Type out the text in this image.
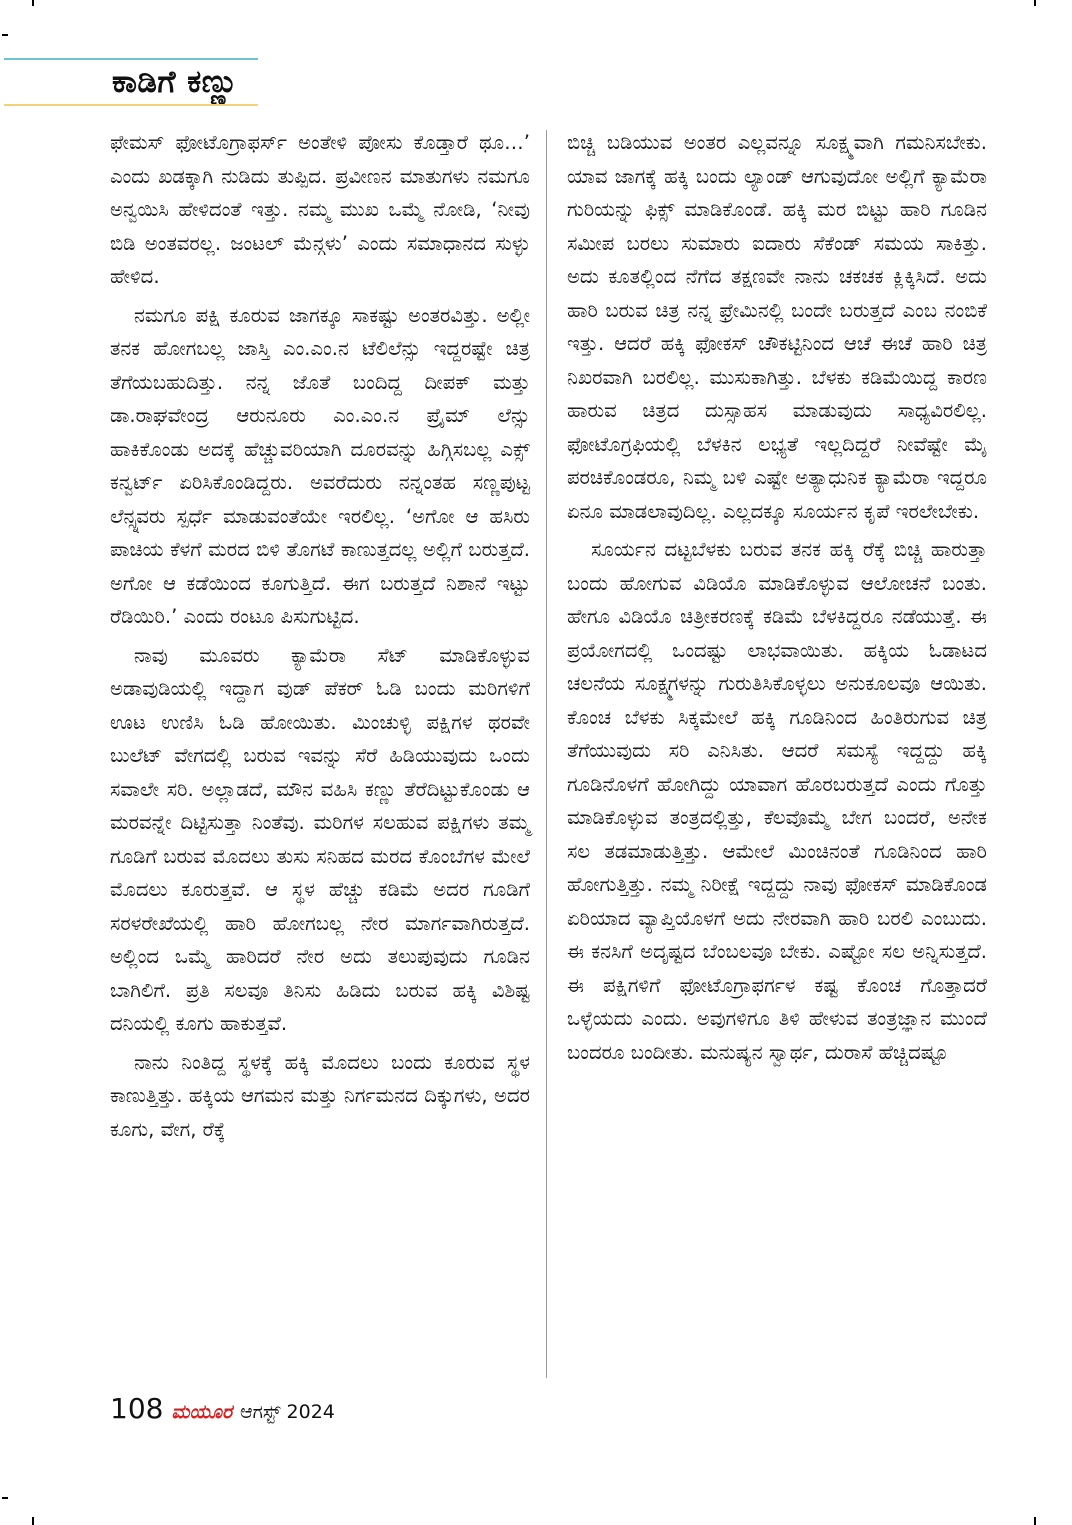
ಕಾಡಿಗೆ ಕಣ್ಣು

ಫೇಮಸ್ ಫೋಟೊಗ್ರಾಫರ್ಸ್ ಅಂತೇಳಿ ಪೋಸು ಕೊಡ್ತಾರೆ ಥೂ…’ ಎಂದು ಖಡಕ್ಕಾಗಿ ನುಡಿದು ತುಪ್ಪಿದ. ಪ್ರವೀಣನ ಮಾತುಗಳು ನಮಗೂ ಅನ್ವಯಿಸಿ ಹೇಳಿದಂತೆ ಇತ್ತು. ನಮ್ಮ ಮುಖ ಒಮ್ಮೆ ನೋಡಿ, ‘ನೀವು ಬಿಡಿ ಅಂತವರಲ್ಲ. ಜಂಟಲ್ ಮೆನ್ಗಳು’ ಎಂದು ಸಮಾಧಾನದ ಸುಳ್ಳು ಹೇಳಿದ.

ನಮಗೂ ಪಕ್ಷಿ ಕೂರುವ ಜಾಗಕ್ಕೂ ಸಾಕಷ್ಟು ಅಂತರವಿತ್ತು. ಅಲ್ಲೀ ತನಕ ಹೋಗಬಲ್ಲ ಜಾಸ್ತಿ ಎಂ.ಎಂ.ನ ಟೆಲಿಲೆನ್ಸು ಇದ್ದರಷ್ಟೇ ಚಿತ್ರ ತೆಗೆಯಬಹುದಿತ್ತು. ನನ್ನ ಜೊತೆ ಬಂದಿದ್ದ ದೀಪಕ್ ಮತ್ತು ಡಾ.ರಾಘವೇಂದ್ರ ಆರುನೂರು ಎಂ.ಎಂ.ನ ಪ್ರೈಮ್ ಲೆನ್ಸು ಹಾಕಿಕೊಂಡು ಅದಕ್ಕೆ ಹೆಚ್ಚುವರಿಯಾಗಿ ದೂರವನ್ನು ಹಿಗ್ಗಿಸಬಲ್ಲ ಎಕ್ಸ್ ಕನ್ವರ್ಟ್ ಏರಿಸಿಕೊಂಡಿದ್ದರು. ಅವರೆದುರು ನನ್ನಂತಹ ಸಣ್ಣಪುಟ್ಟ ಲೆನ್ಸ್ನವರು ಸ್ಪರ್ಧೆ ಮಾಡುವಂತೆಯೇ ಇರಲಿಲ್ಲ. ‘ಅಗೋ ಆ ಹಸಿರು ಪಾಚಿಯ ಕೆಳಗೆ ಮರದ ಬಿಳಿ ತೊಗಟೆ ಕಾಣುತ್ತದಲ್ಲ ಅಲ್ಲಿಗೆ ಬರುತ್ತದೆ. ಅಗೋ ಆ ಕಡೆಯಿಂದ ಕೂಗುತ್ತಿದೆ. ಈಗ ಬರುತ್ತದೆ ನಿಶಾನೆ ಇಟ್ಟು ರೆಡಿಯಿರಿ.’ ಎಂದು ರಂಟೂ ಪಿಸುಗುಟ್ಟಿದ.

ನಾವು ಮೂವರು ಕ್ಯಾಮೆರಾ ಸೆಟ್ ಮಾಡಿಕೊಳ್ಳುವ ಅಡಾವುಡಿಯಲ್ಲಿ ಇದ್ದಾಗ ವುಡ್ ಪೆಕರ್ ಓಡಿ ಬಂದು ಮರಿಗಳಿಗೆ ಊಟ ಉಣಿಸಿ ಓಡಿ ಹೋಯಿತು. ಮಿಂಚುಳ್ಳಿ ಪಕ್ಷಿಗಳ ಥರವೇ ಬುಲೆಟ್ ವೇಗದಲ್ಲಿ ಬರುವ ಇವನ್ನು ಸೆರೆ ಹಿಡಿಯುವುದು ಒಂದು ಸವಾಲೇ ಸರಿ. ಅಲ್ಲಾಡದೆ, ಮೌನ ವಹಿಸಿ ಕಣ್ಣು ತೆರೆದಿಟ್ಟುಕೊಂಡು ಆ ಮರವನ್ನೇ ದಿಟ್ಟಿಸುತ್ತಾ ನಿಂತೆವು. ಮರಿಗಳ ಸಲಹುವ ಪಕ್ಷಿಗಳು ತಮ್ಮ ಗೂಡಿಗೆ ಬರುವ ಮೊದಲು ತುಸು ಸನಿಹದ ಮರದ ಕೊಂಬೆಗಳ ಮೇಲೆ ಮೊದಲು ಕೂರುತ್ತವೆ. ಆ ಸ್ಥಳ ಹೆಚ್ಚು ಕಡಿಮೆ ಅದರ ಗೂಡಿಗೆ ಸರಳರೇಖೆಯಲ್ಲಿ ಹಾರಿ ಹೋಗಬಲ್ಲ ನೇರ ಮಾರ್ಗವಾಗಿರುತ್ತದೆ. ಅಲ್ಲಿಂದ ಒಮ್ಮೆ ಹಾರಿದರೆ ನೇರ ಅದು ತಲುಪುವುದು ಗೂಡಿನ ಬಾಗಿಲಿಗೆ. ಪ್ರತಿ ಸಲವೂ ತಿನಿಸು ಹಿಡಿದು ಬರುವ ಹಕ್ಕಿ ವಿಶಿಷ್ಟ ದನಿಯಲ್ಲಿ ಕೂಗು ಹಾಕುತ್ತವೆ.

ನಾನು ನಿಂತಿದ್ದ ಸ್ಥಳಕ್ಕೆ ಹಕ್ಕಿ ಮೊದಲು ಬಂದು ಕೂರುವ ಸ್ಥಳ ಕಾಣುತ್ತಿತ್ತು. ಹಕ್ಕಿಯ ಆಗಮನ ಮತ್ತು ನಿರ್ಗಮನದ ದಿಕ್ಕುಗಳು, ಅದರ ಕೂಗು, ವೇಗ, ರೆಕ್ಕೆ

ಬಿಚ್ಚಿ ಬಡಿಯುವ ಅಂತರ ಎಲ್ಲವನ್ನೂ ಸೂಕ್ಷ್ಮವಾಗಿ ಗಮನಿಸಬೇಕು. ಯಾವ ಜಾಗಕ್ಕೆ ಹಕ್ಕಿ ಬಂದು ಲ್ಯಾಂಡ್ ಆಗುವುದೋ ಅಲ್ಲಿಗೆ ಕ್ಯಾಮೆರಾ ಗುರಿಯನ್ನು ಫಿಕ್ಸ್ ಮಾಡಿಕೊಂಡೆ. ಹಕ್ಕಿ ಮರ ಬಿಟ್ಟು ಹಾರಿ ಗೂಡಿನ ಸಮೀಪ ಬರಲು ಸುಮಾರು ಐದಾರು ಸೆಕೆಂಡ್ ಸಮಯ ಸಾಕಿತ್ತು. ಅದು ಕೂತಲ್ಲಿಂದ ನೆಗೆದ ತಕ್ಷಣವೇ ನಾನು ಚಕಚಕ ಕ್ಲಿಕ್ಕಿಸಿದೆ. ಅದು ಹಾರಿ ಬರುವ ಚಿತ್ರ ನನ್ನ ಫ್ರೇಮಿನಲ್ಲಿ ಬಂದೇ ಬರುತ್ತದೆ ಎಂಬ ನಂಬಿಕೆ ಇತ್ತು. ಆದರೆ ಹಕ್ಕಿ ಫೋಕಸ್ ಚೌಕಟ್ಟಿನಿಂದ ಆಚೆ ಈಚೆ ಹಾರಿ ಚಿತ್ರ ನಿಖರವಾಗಿ ಬರಲಿಲ್ಲ. ಮುಸುಕಾಗಿತ್ತು. ಬೆಳಕು ಕಡಿಮೆಯಿದ್ದ ಕಾರಣ ಹಾರುವ ಚಿತ್ರದ ದುಸ್ಸಾಹಸ ಮಾಡುವುದು ಸಾಧ್ಯವಿರಲಿಲ್ಲ. ಫೋಟೊಗ್ರಫಿಯಲ್ಲಿ ಬೆಳಕಿನ ಲಭ್ಯತೆ ಇಲ್ಲದಿದ್ದರೆ ನೀವೆಷ್ಟೇ ಮೈ ಪರಚಿಕೊಂಡರೂ, ನಿಮ್ಮ ಬಳಿ ಎಷ್ಟೇ ಅತ್ಯಾಧುನಿಕ ಕ್ಯಾಮೆರಾ ಇದ್ದರೂ ಏನೂ ಮಾಡಲಾವುದಿಲ್ಲ. ಎಲ್ಲದಕ್ಕೂ ಸೂರ್ಯನ ಕೃಪೆ ಇರಲೇಬೇಕು.

ಸೂರ್ಯನ ದಟ್ಟಬೆಳಕು ಬರುವ ತನಕ ಹಕ್ಕಿ ರೆಕ್ಕೆ ಬಿಚ್ಚಿ ಹಾರುತ್ತಾ ಬಂದು ಹೋಗುವ ವಿಡಿಯೊ ಮಾಡಿಕೊಳ್ಳುವ ಆಲೋಚನೆ ಬಂತು. ಹೇಗೂ ವಿಡಿಯೊ ಚಿತ್ರೀಕರಣಕ್ಕೆ ಕಡಿಮೆ ಬೆಳಕಿದ್ದರೂ ನಡೆಯುತ್ತೆ. ಈ ಪ್ರಯೋಗದಲ್ಲಿ ಒಂದಷ್ಟು ಲಾಭವಾಯಿತು. ಹಕ್ಕಿಯ ಓಡಾಟದ ಚಲನೆಯ ಸೂಕ್ಷ್ಮಗಳನ್ನು ಗುರುತಿಸಿಕೊಳ್ಳಲು ಅನುಕೂಲವೂ ಆಯಿತು. ಕೊಂಚ ಬೆಳಕು ಸಿಕ್ಕಮೇಲೆ ಹಕ್ಕಿ ಗೂಡಿನಿಂದ ಹಿಂತಿರುಗುವ ಚಿತ್ರ ತೆಗೆಯುವುದು ಸರಿ ಎನಿಸಿತು. ಆದರೆ ಸಮಸ್ಯೆ ಇದ್ದದ್ದು ಹಕ್ಕಿ ಗೂಡಿನೊಳಗೆ ಹೋಗಿದ್ದು ಯಾವಾಗ ಹೊರಬರುತ್ತದೆ ಎಂದು ಗೊತ್ತು ಮಾಡಿಕೊಳ್ಳುವ ತಂತ್ರದಲ್ಲಿತ್ತು, ಕೆಲವೊಮ್ಮೆ ಬೇಗ ಬಂದರೆ, ಅನೇಕ ಸಲ ತಡಮಾಡುತ್ತಿತ್ತು. ಆಮೇಲೆ ಮಿಂಚಿನಂತೆ ಗೂಡಿನಿಂದ ಹಾರಿ ಹೋಗುತ್ತಿತ್ತು. ನಮ್ಮ ನಿರೀಕ್ಷೆ ಇದ್ದದ್ದು ನಾವು ಫೋಕಸ್ ಮಾಡಿಕೊಂಡ ಏರಿಯಾದ ವ್ಯಾಪ್ತಿಯೊಳಗೆ ಅದು ನೇರವಾಗಿ ಹಾರಿ ಬರಲಿ ಎಂಬುದು. ಈ ಕನಸಿಗೆ ಅದೃಷ್ಟದ ಬೆಂಬಲವೂ ಬೇಕು. ಎಷ್ಟೋ ಸಲ ಅನ್ನಿಸುತ್ತದೆ. ಈ ಪಕ್ಷಿಗಳಿಗೆ ಫೋಟೊಗ್ರಾಫರ್ಗಳ ಕಷ್ಟ ಕೊಂಚ ಗೊತ್ತಾದರೆ ಒಳ್ಳೆಯದು ಎಂದು. ಅವುಗಳಿಗೂ ತಿಳಿ ಹೇಳುವ ತಂತ್ರಜ್ಞಾನ ಮುಂದೆ ಬಂದರೂ ಬಂದೀತು. ಮನುಷ್ಯನ ಸ್ವಾರ್ಥ, ದುರಾಸೆ ಹೆಚ್ಚಿದಷ್ಟೂ

108 ಮಯೂರ ಆಗಸ್ಟ್ 2024
